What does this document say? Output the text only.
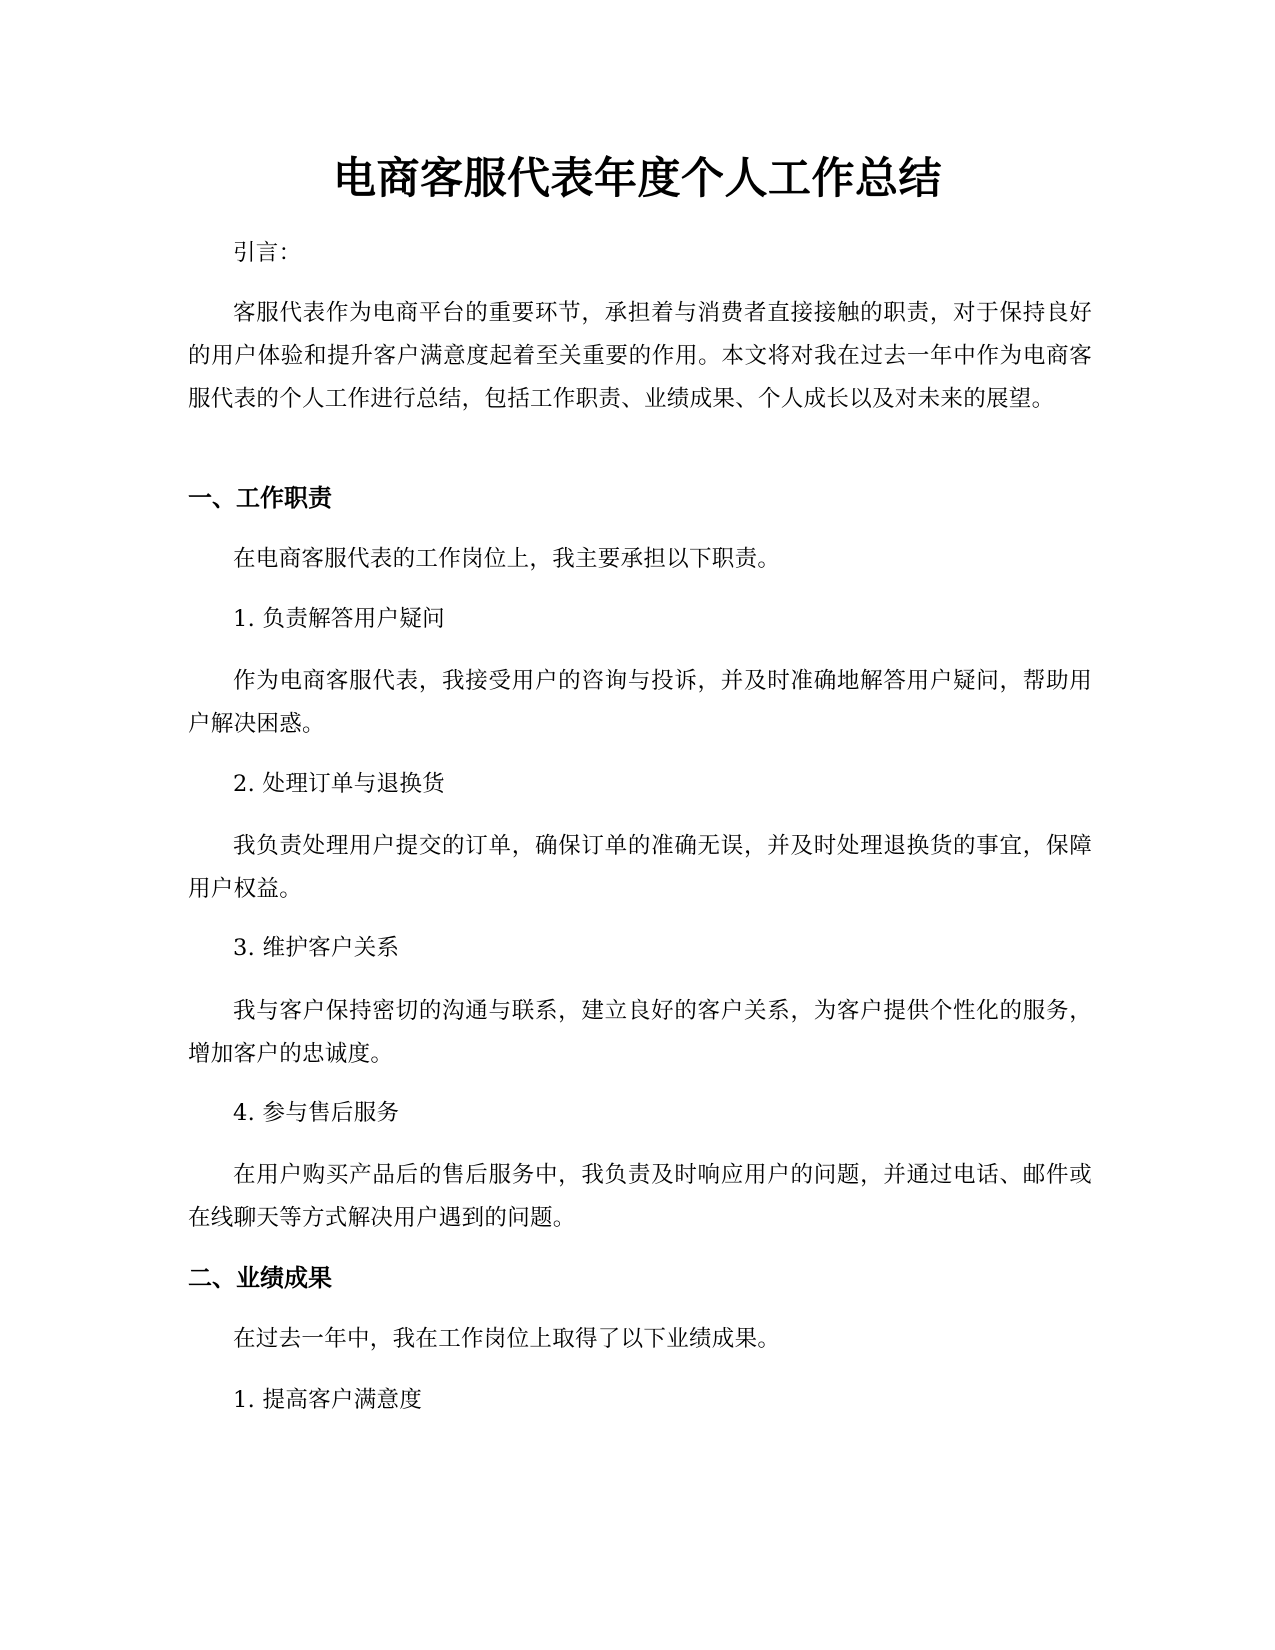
电商客服代表年度个人工作总结

引言：

客服代表作为电商平台的重要环节，承担着与消费者直接接触的职责，对于保持良好的用户体验和提升客户满意度起着至关重要的作用。本文将对我在过去一年中作为电商客服代表的个人工作进行总结，包括工作职责、业绩成果、个人成长以及对未来的展望。

一、工作职责

在电商客服代表的工作岗位上，我主要承担以下职责。

1. 负责解答用户疑问

作为电商客服代表，我接受用户的咨询与投诉，并及时准确地解答用户疑问，帮助用户解决困惑。

2. 处理订单与退换货

我负责处理用户提交的订单，确保订单的准确无误，并及时处理退换货的事宜，保障用户权益。

3. 维护客户关系

我与客户保持密切的沟通与联系，建立良好的客户关系，为客户提供个性化的服务，增加客户的忠诚度。

4. 参与售后服务

在用户购买产品后的售后服务中，我负责及时响应用户的问题，并通过电话、邮件或在线聊天等方式解决用户遇到的问题。

二、业绩成果

在过去一年中，我在工作岗位上取得了以下业绩成果。

1. 提高客户满意度
